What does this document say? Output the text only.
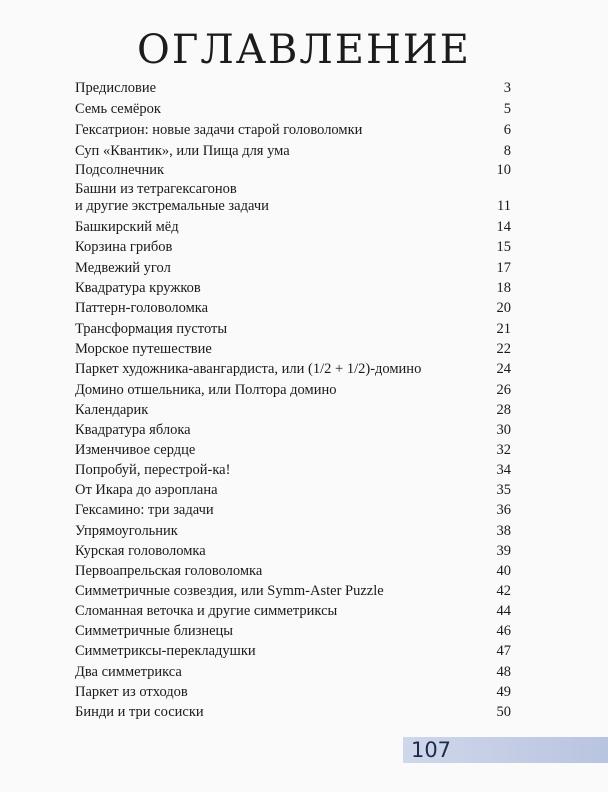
ОГЛАВЛЕНИЕ
Предисловие	3
Семь семёрок	5
Гексатрион: новые задачи старой головоломки	6
Суп «Квантик», или Пища для ума	8
Подсолнечник	10
Башни из тетрагексагонов
и другие экстремальные задачи	11
Башкирский мёд	14
Корзина грибов	15
Медвежий угол	17
Квадратура кружков	18
Паттерн-головоломка	20
Трансформация пустоты	21
Морское путешествие	22
Паркет художника-авангардиста, или (1/2 + 1/2)-домино	24
Домино отшельника, или Полтора домино	26
Календарик	28
Квадратура яблока	30
Изменчивое сердце	32
Попробуй, перестрой-ка!	34
От Икара до аэроплана	35
Гексамино: три задачи	36
Упрямоугольник	38
Курская головоломка	39
Первоапрельская головоломка	40
Симметричные созвездия, или Symm-Aster Puzzle	42
Сломанная веточка и другие симметриксы	44
Симметричные близнецы	46
Симметриксы-перекладушки	47
Два симметрикса	48
Паркет из отходов	49
Бинди и три сосиски	50
107
